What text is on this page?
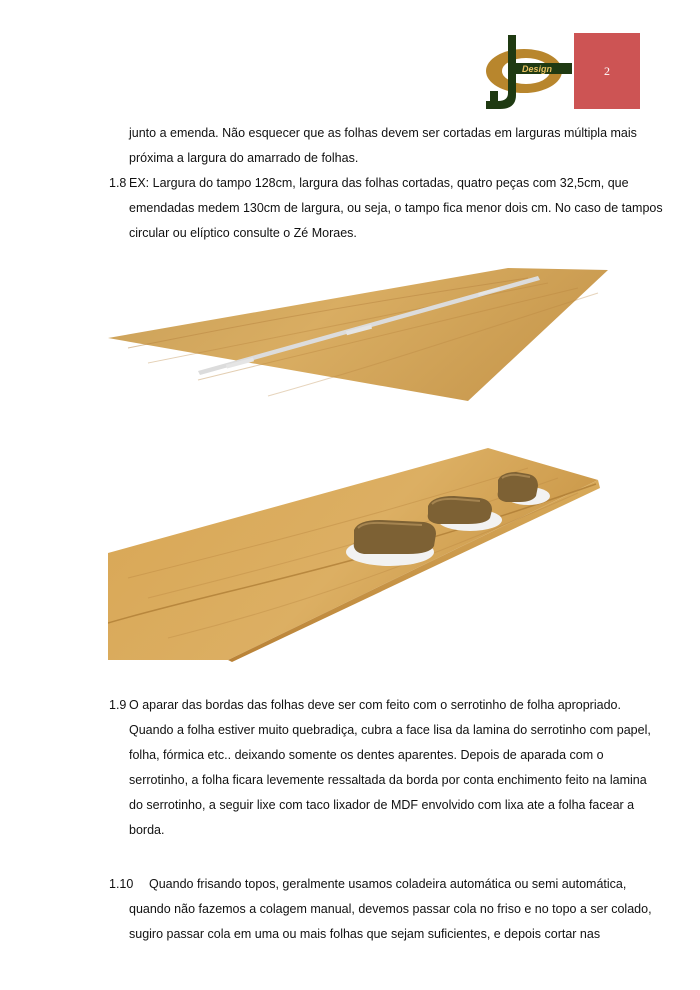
Design	2
junto a emenda. Não esquecer que as folhas devem ser cortadas em larguras múltipla mais
próxima a largura do amarrado de folhas.
1.8 EX: Largura do tampo 128cm, largura das folhas cortadas, quatro peças com 32,5cm, que
emendadas medem 130cm de largura, ou seja, o tampo fica menor dois cm. No caso de tampos
circular ou elíptico consulte o Zé Moraes.
1.9 O aparar das bordas das folhas deve ser com feito com o serrotinho de folha apropriado.
Quando a folha estiver muito quebradiça, cubra a face lisa da lamina do serrotinho com papel,
folha, fórmica etc.. deixando somente os dentes aparentes. Depois de aparada com o
serrotinho, a folha ficara levemente ressaltada da borda por conta enchimento feito na lamina
do serrotinho, a seguir lixe com taco lixador de MDF envolvido com lixa ate a folha facear a
borda.
1.10 Quando frisando topos, geralmente usamos coladeira automática ou semi automática,
quando não fazemos a colagem manual, devemos passar cola no friso e no topo a ser colado,
sugiro passar cola em uma ou mais folhas que sejam suficientes, e depois cortar nas
